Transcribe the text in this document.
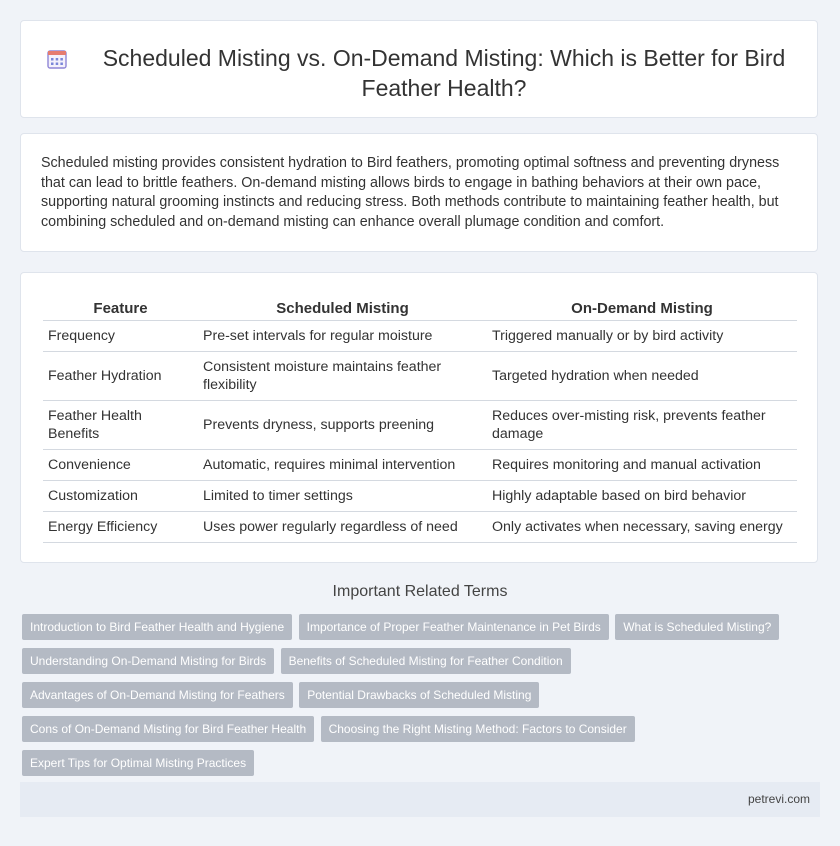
Scheduled Misting vs. On-Demand Misting: Which is Better for Bird Feather Health?

Scheduled misting provides consistent hydration to Bird feathers, promoting optimal softness and preventing dryness that can lead to brittle feathers. On-demand misting allows birds to engage in bathing behaviors at their own pace, supporting natural grooming instincts and reducing stress. Both methods contribute to maintaining feather health, but combining scheduled and on-demand misting can enhance overall plumage condition and comfort.

Feature	Scheduled Misting	On-Demand Misting
Frequency	Pre-set intervals for regular moisture	Triggered manually or by bird activity
Feather Hydration	Consistent moisture maintains feather flexibility	Targeted hydration when needed
Feather Health Benefits	Prevents dryness, supports preening	Reduces over-misting risk, prevents feather damage
Convenience	Automatic, requires minimal intervention	Requires monitoring and manual activation
Customization	Limited to timer settings	Highly adaptable based on bird behavior
Energy Efficiency	Uses power regularly regardless of need	Only activates when necessary, saving energy
Important Related Terms
Introduction to Bird Feather Health and Hygiene Importance of Proper Feather Maintenance in Pet Birds What is Scheduled Misting? Understanding On-Demand Misting for Birds Benefits of Scheduled Misting for Feather Condition Advantages of On-Demand Misting for Feathers Potential Drawbacks of Scheduled Misting Cons of On-Demand Misting for Bird Feather Health Choosing the Right Misting Method: Factors to Consider Expert Tips for Optimal Misting Practices
petrevi.com
